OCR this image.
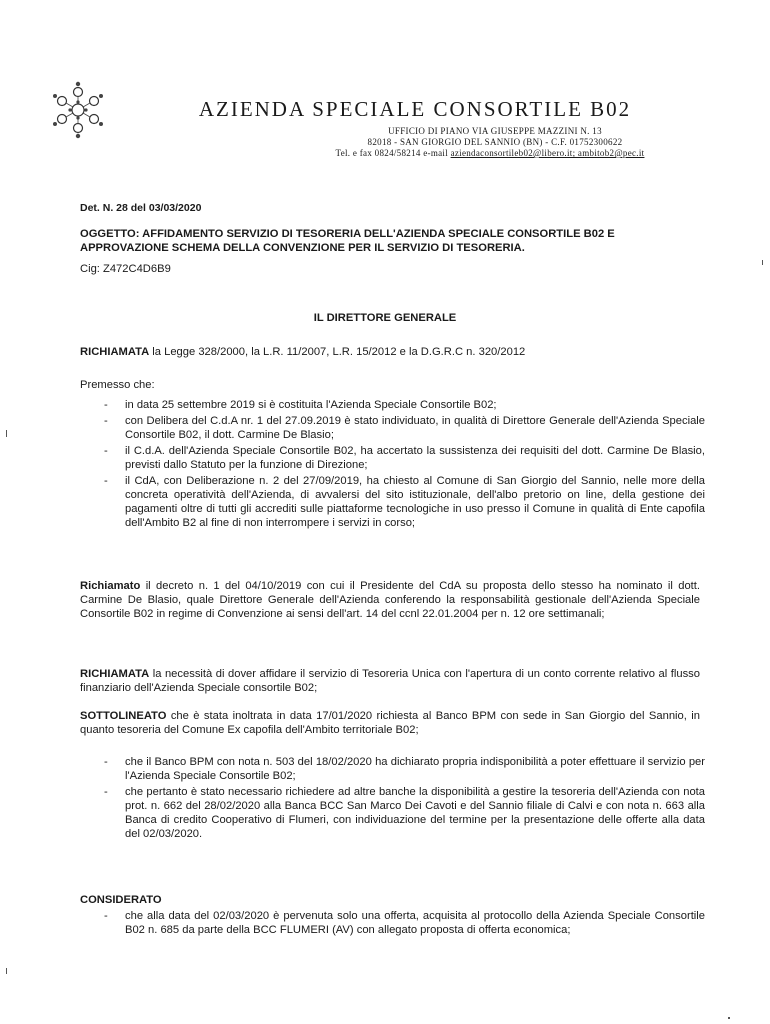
AZIENDA SPECIALE CONSORTILE B02
UFFICIO DI PIANO VIA GIUSEPPE MAZZINI N. 13
82018 - SAN GIORGIO DEL SANNIO (BN) - C.F. 01752300622
Tel. e fax 0824/58214 e-mail aziendaconsortileb02@libero.it; ambitob2@pec.it
Det. N. 28 del 03/03/2020
OGGETTO: AFFIDAMENTO SERVIZIO DI TESORERIA DELL'AZIENDA SPECIALE CONSORTILE B02 E APPROVAZIONE SCHEMA DELLA CONVENZIONE PER IL SERVIZIO DI TESORERIA.
Cig: Z472C4D6B9
IL DIRETTORE GENERALE
RICHIAMATA la Legge 328/2000, la L.R. 11/2007, L.R. 15/2012 e la D.G.R.C n. 320/2012
Premesso che:
- in data 25 settembre 2019 si è costituita l'Azienda Speciale Consortile B02;
- con Delibera del C.d.A nr. 1 del 27.09.2019 è stato individuato, in qualità di Direttore Generale dell'Azienda Speciale Consortile B02, il dott. Carmine De Blasio;
- il C.d.A. dell'Azienda Speciale Consortile B02, ha accertato la sussistenza dei requisiti del dott. Carmine De Blasio, previsti dallo Statuto per la funzione di Direzione;
- il CdA, con Deliberazione n. 2 del 27/09/2019, ha chiesto al Comune di San Giorgio del Sannio, nelle more della concreta operatività dell'Azienda, di avvalersi del sito istituzionale, dell'albo pretorio on line, della gestione dei pagamenti oltre di tutti gli accrediti sulle piattaforme tecnologiche in uso presso il Comune in qualità di Ente capofila dell'Ambito B2 al fine di non interrompere i servizi in corso;
Richiamato il decreto n. 1 del 04/10/2019 con cui il Presidente del CdA su proposta dello stesso ha nominato il dott. Carmine De Blasio, quale Direttore Generale dell'Azienda conferendo la responsabilità gestionale dell'Azienda Speciale Consortile B02 in regime di Convenzione ai sensi dell'art. 14 del ccnl 22.01.2004 per n. 12 ore settimanali;
RICHIAMATA la necessità di dover affidare il servizio di Tesoreria Unica con l'apertura di un conto corrente relativo al flusso finanziario dell'Azienda Speciale consortile B02;
SOTTOLINEATO che è stata inoltrata in data 17/01/2020 richiesta al Banco BPM con sede in San Giorgio del Sannio, in quanto tesoreria del Comune Ex capofila dell'Ambito territoriale B02;
- che il Banco BPM con nota n. 503 del 18/02/2020 ha dichiarato propria indisponibilità a poter effettuare il servizio per l'Azienda Speciale Consortile B02;
- che pertanto è stato necessario richiedere ad altre banche la disponibilità a gestire la tesoreria dell'Azienda con nota prot. n. 662 del 28/02/2020 alla Banca BCC San Marco Dei Cavoti e del Sannio filiale di Calvi e con nota n. 663 alla Banca di credito Cooperativo di Flumeri, con individuazione del termine per la presentazione delle offerte alla data del 02/03/2020.
CONSIDERATO
- che alla data del 02/03/2020 è pervenuta solo una offerta, acquisita al protocollo della Azienda Speciale Consortile B02 n. 685 da parte della BCC FLUMERI (AV) con allegato proposta di offerta economica;
